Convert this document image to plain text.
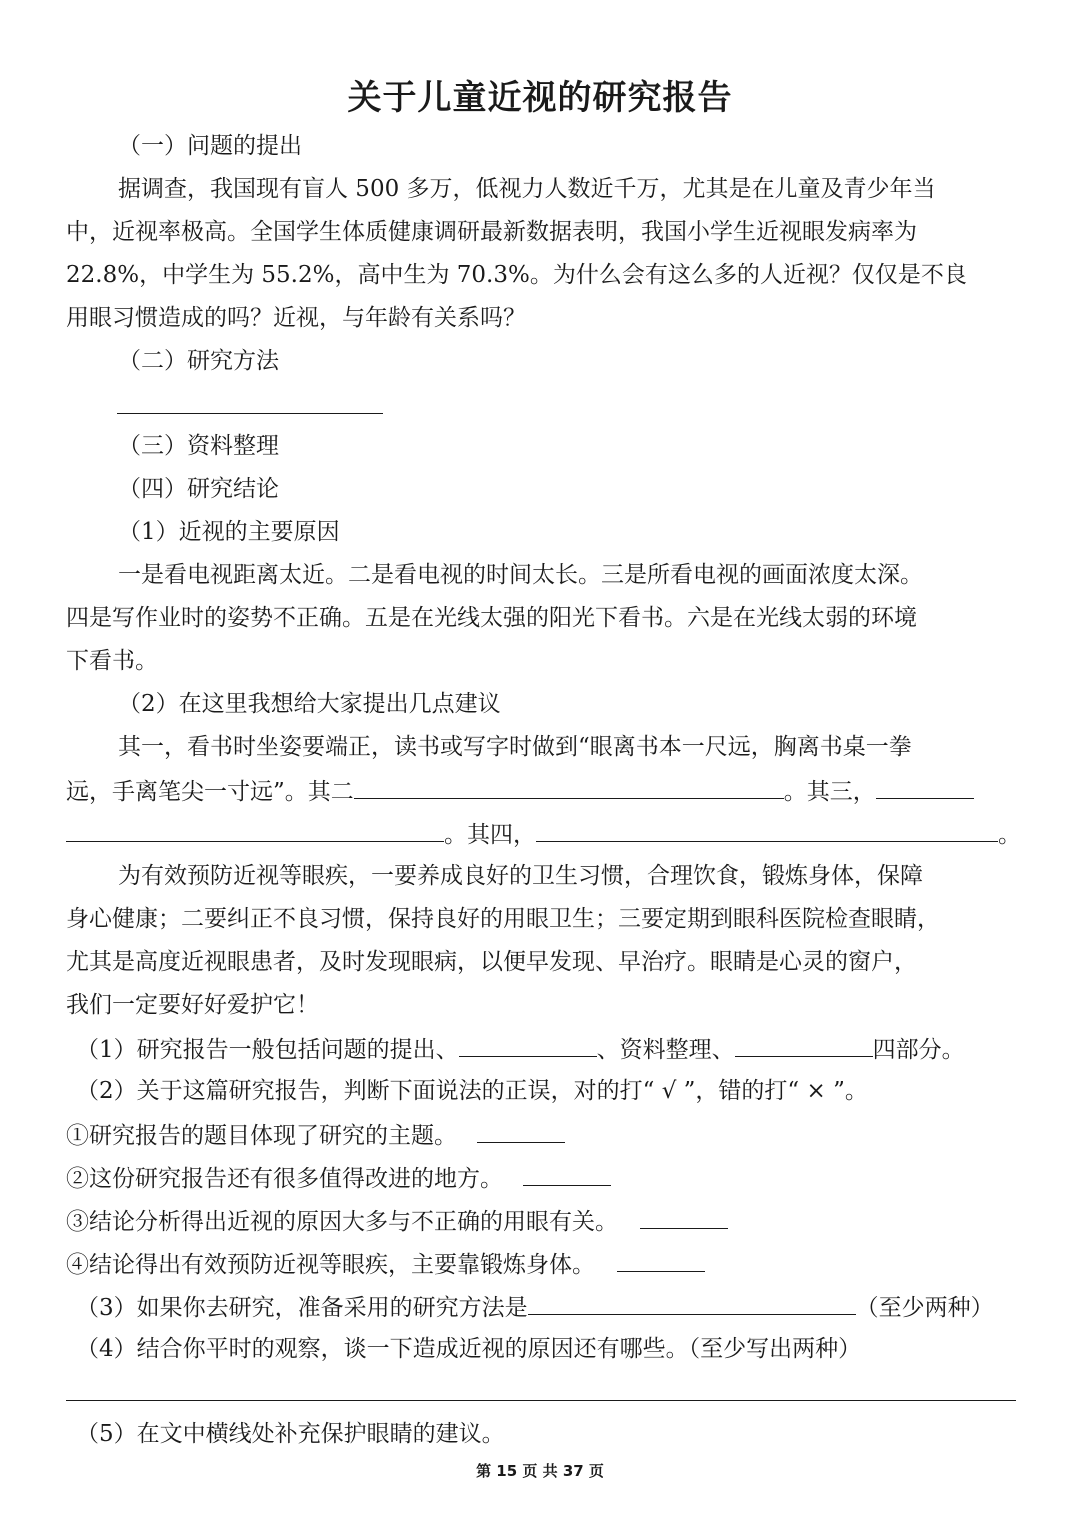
关于儿童近视的研究报告

（一）问题的提出

据调查，我国现有盲人 500 多万，低视力人数近千万，尤其是在儿童及青少年当

中，近视率极高。全国学生体质健康调研最新数据表明，我国小学生近视眼发病率为

22.8%，中学生为 55.2%，高中生为 70.3%。为什么会有这么多的人近视？仅仅是不良

用眼习惯造成的吗？近视，与年龄有关系吗？

（二）研究方法

（三）资料整理

（四）研究结论

（1）近视的主要原因

一是看电视距离太近。二是看电视的时间太长。三是所看电视的画面浓度太深。

四是写作业时的姿势不正确。五是在光线太强的阳光下看书。六是在光线太弱的环境

下看书。

（2）在这里我想给大家提出几点建议

其一，看书时坐姿要端正，读书或写字时做到“眼离书本一尺远，胸离书桌一拳

远，手离笔尖一寸远”。其二	。其三，

。其四，	。

为有效预防近视等眼疾，一要养成良好的卫生习惯，合理饮食，锻炼身体，保障

身心健康；二要纠正不良习惯，保持良好的用眼卫生；三要定期到眼科医院检查眼睛，

尤其是高度近视眼患者，及时发现眼病，以便早发现、早治疗。眼睛是心灵的窗户，

我们一定要好好爱护它！

（1）研究报告一般包括问题的提出、	、资料整理、	四部分。

（2）关于这篇研究报告，判断下面说法的正误，对的打“ √ ”，错的打“ × ”。

①研究报告的题目体现了研究的主题。

②这份研究报告还有很多值得改进的地方。

③结论分析得出近视的原因大多与不正确的用眼有关。

④结论得出有效预防近视等眼疾，主要靠锻炼身体。

（3）如果你去研究，准备采用的研究方法是	（至少两种）

（4）结合你平时的观察，谈一下造成近视的原因还有哪些。（至少写出两种）

（5）在文中横线处补充保护眼睛的建议。

第 15 页 共 37 页
